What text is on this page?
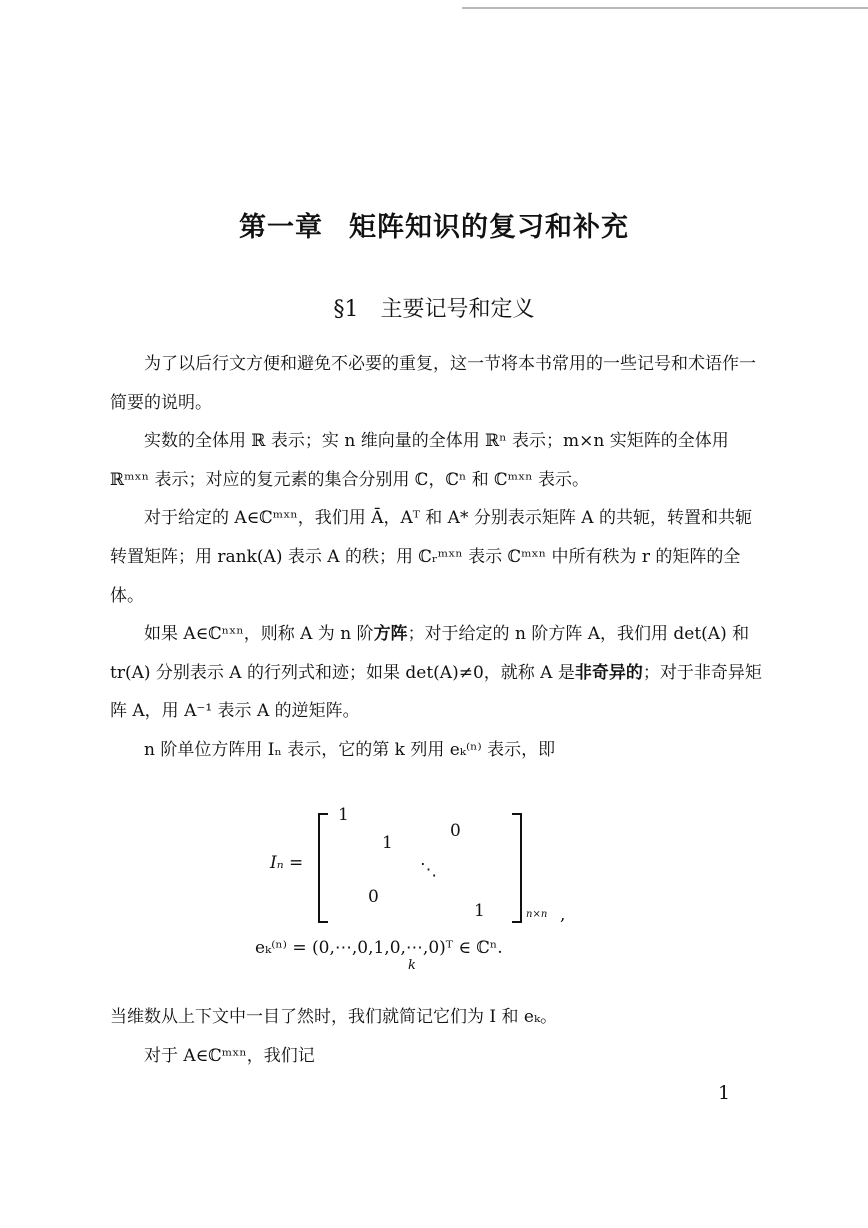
第一章 矩阵知识的复习和补充
§1 主要记号和定义

为了以后行文方便和避免不必要的重复，这一节将本书常用的一些记号和术语作一简要的说明。

实数的全体用 ℝ 表示；实 n 维向量的全体用 ℝⁿ 表示；m×n 实矩阵的全体用 ℝᵐˣⁿ 表示；对应的复元素的集合分别用 ℂ，ℂⁿ 和 ℂᵐˣⁿ 表示。

对于给定的 A∈ℂᵐˣⁿ，我们用 Ā，Aᵀ 和 A* 分别表示矩阵 A 的共轭，转置和共轭转置矩阵；用 rank(A) 表示 A 的秩；用 ℂᵣᵐˣⁿ 表示 ℂᵐˣⁿ 中所有秩为 r 的矩阵的全体。

如果 A∈ℂⁿˣⁿ，则称 A 为 n 阶方阵；对于给定的 n 阶方阵 A，我们用 det(A) 和 tr(A) 分别表示 A 的行列式和迹；如果 det(A)≠0，就称 A 是非奇异的；对于非奇异矩阵 A，用 A⁻¹ 表示 A 的逆矩阵。

n 阶单位方阵用 Iₙ 表示，它的第 k 列用 eₖ⁽ⁿ⁾ 表示，即

Iₙ =
1
1
0
⋱
0
1	n×n ,
eₖ⁽ⁿ⁾ = (0,⋯,0,1,0,⋯,0)ᵀ ∈ ℂⁿ.
k

当维数从上下文中一目了然时，我们就简记它们为 I 和 eₖ。

对于 A∈ℂᵐˣⁿ，我们记

1
